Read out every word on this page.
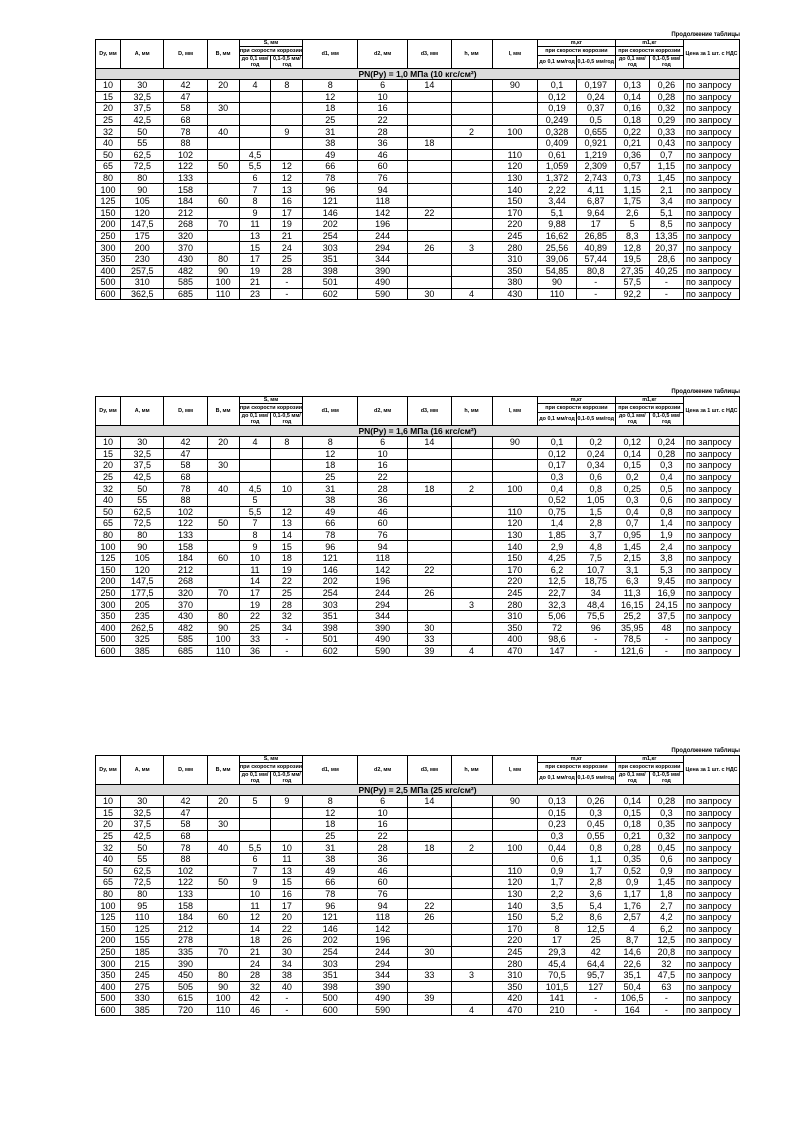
Продолжение таблицы
Dy, мм	A, мм	D, мм	B, мм	S, мм		d1, мм	d2, мм	d3, мм	h, мм	l, мм	m,кг		m1,кг		Цена за 1 шт. с НДС
				при скорости коррозии							при скорости коррозии		при скорости коррозии		
				до 0,1 мм/год	0,1-0,5 мм/год						до 0,1 мм/год	0,1-0,5 мм/год	до 0,1 мм/год	0,1-0,5 мм/год	
PN(Py) = 1,0 МПа (10 кгс/см²)															
10	30	42	20	4	8	8	6	14		90	0,1	0,197	0,13	0,26	по запросу
15	32,5	47				12	10				0,12	0,24	0,14	0,28	по запросу
20	37,5	58	30			18	16				0,19	0,37	0,16	0,32	по запросу
25	42,5	68				25	22				0,249	0,5	0,18	0,29	по запросу
32	50	78	40		9	31	28		2	100	0,328	0,655	0,22	0,33	по запросу
40	55	88				38	36	18			0,409	0,921	0,21	0,43	по запросу
50	62,5	102		4,5		49	46			110	0,61	1,219	0,36	0,7	по запросу
65	72,5	122	50	5,5	12	66	60			120	1,059	2,309	0,57	1,15	по запросу
80	80	133		6	12	78	76			130	1,372	2,743	0,73	1,45	по запросу
100	90	158		7	13	96	94			140	2,22	4,11	1,15	2,1	по запросу
125	105	184	60	8	16	121	118			150	3,44	6,87	1,75	3,4	по запросу
150	120	212		9	17	146	142	22		170	5,1	9,64	2,6	5,1	по запросу
200	147,5	268	70	11	19	202	196			220	9,88	17	5	8,5	по запросу
250	175	320		13	21	254	244			245	16,62	26,85	8,3	13,35	по запросу
300	200	370		15	24	303	294	26	3	280	25,56	40,89	12,8	20,37	по запросу
350	230	430	80	17	25	351	344			310	39,06	57,44	19,5	28,6	по запросу
400	257,5	482	90	19	28	398	390			350	54,85	80,8	27,35	40,25	по запросу
500	310	585	100	21	-	501	490			380	90	-	57,5	-	по запросу
600	362,5	685	110	23	-	602	590	30	4	430	110	-	92,2	-	по запросу
Продолжение таблицы
Dy, мм	A, мм	D, мм	B, мм	S, мм		d1, мм	d2, мм	d3, мм	h, мм	l, мм	m,кг		m1,кг		Цена за 1 шт. с НДС
				при скорости коррозии							при скорости коррозии		при скорости коррозии		
				до 0,1 мм/год	0,1-0,5 мм/год						до 0,1 мм/год	0,1-0,5 мм/год	до 0,1 мм/год	0,1-0,5 мм/год	
PN(Py) = 1,6 МПа (16 кгс/см²)															
10	30	42	20	4	8	8	6	14		90	0,1	0,2	0,12	0,24	по запросу
15	32,5	47				12	10				0,12	0,24	0,14	0,28	по запросу
20	37,5	58	30			18	16				0,17	0,34	0,15	0,3	по запросу
25	42,5	68				25	22				0,3	0,6	0,2	0,4	по запросу
32	50	78	40	4,5	10	31	28	18	2	100	0,4	0,8	0,25	0,5	по запросу
40	55	88		5		38	36				0,52	1,05	0,3	0,6	по запросу
50	62,5	102		5,5	12	49	46			110	0,75	1,5	0,4	0,8	по запросу
65	72,5	122	50	7	13	66	60			120	1,4	2,8	0,7	1,4	по запросу
80	80	133		8	14	78	76			130	1,85	3,7	0,95	1,9	по запросу
100	90	158		9	15	96	94			140	2,9	4,8	1,45	2,4	по запросу
125	105	184	60	10	18	121	118			150	4,25	7,5	2,15	3,8	по запросу
150	120	212		11	19	146	142	22		170	6,2	10,7	3,1	5,3	по запросу
200	147,5	268		14	22	202	196			220	12,5	18,75	6,3	9,45	по запросу
250	177,5	320	70	17	25	254	244	26		245	22,7	34	11,3	16,9	по запросу
300	205	370		19	28	303	294		3	280	32,3	48,4	16,15	24,15	по запросу
350	235	430	80	22	32	351	344			310	5,06	75,5	25,2	37,5	по запросу
400	262,5	482	90	25	34	398	390	30		350	72	96	35,95	48	по запросу
500	325	585	100	33	-	501	490	33		400	98,6	-	78,5	-	по запросу
600	385	685	110	36	-	602	590	39	4	470	147	-	121,6	-	по запросу
Продолжение таблицы
Dy, мм	A, мм	D, мм	B, мм	S, мм		d1, мм	d2, мм	d3, мм	h, мм	l, мм	m,кг		m1,кг		Цена за 1 шт. с НДС
				при скорости коррозии							при скорости коррозии		при скорости коррозии		
				до 0,1 мм/год	0,1-0,5 мм/год						до 0,1 мм/год	0,1-0,5 мм/год	до 0,1 мм/год	0,1-0,5 мм/год	
PN(Py) = 2,5 МПа (25 кгс/см²)															
10	30	42	20	5	9	8	6	14		90	0,13	0,26	0,14	0,28	по запросу
15	32,5	47				12	10				0,15	0,3	0,15	0,3	по запросу
20	37,5	58	30			18	16				0,23	0,45	0,18	0,35	по запросу
25	42,5	68				25	22				0,3	0,55	0,21	0,32	по запросу
32	50	78	40	5,5	10	31	28	18	2	100	0,44	0,8	0,28	0,45	по запросу
40	55	88		6	11	38	36				0,6	1,1	0,35	0,6	по запросу
50	62,5	102		7	13	49	46			110	0,9	1,7	0,52	0,9	по запросу
65	72,5	122	50	9	15	66	60			120	1,7	2,8	0,9	1,45	по запросу
80	80	133		10	16	78	76			130	2,2	3,6	1,17	1,8	по запросу
100	95	158		11	17	96	94	22		140	3,5	5,4	1,76	2,7	по запросу
125	110	184	60	12	20	121	118	26		150	5,2	8,6	2,57	4,2	по запросу
150	125	212		14	22	146	142			170	8	12,5	4	6,2	по запросу
200	155	278		18	26	202	196			220	17	25	8,7	12,5	по запросу
250	185	335	70	21	30	254	244	30		245	29,3	42	14,6	20,8	по запросу
300	215	390		24	34	303	294			280	45,4	64,4	22,6	32	по запросу
350	245	450	80	28	38	351	344	33	3	310	70,5	95,7	35,1	47,5	по запросу
400	275	505	90	32	40	398	390			350	101,5	127	50,4	63	по запросу
500	330	615	100	42	-	500	490	39		420	141	-	106,5	-	по запросу
600	385	720	110	46	-	600	590		4	470	210	-	164	-	по запросу
